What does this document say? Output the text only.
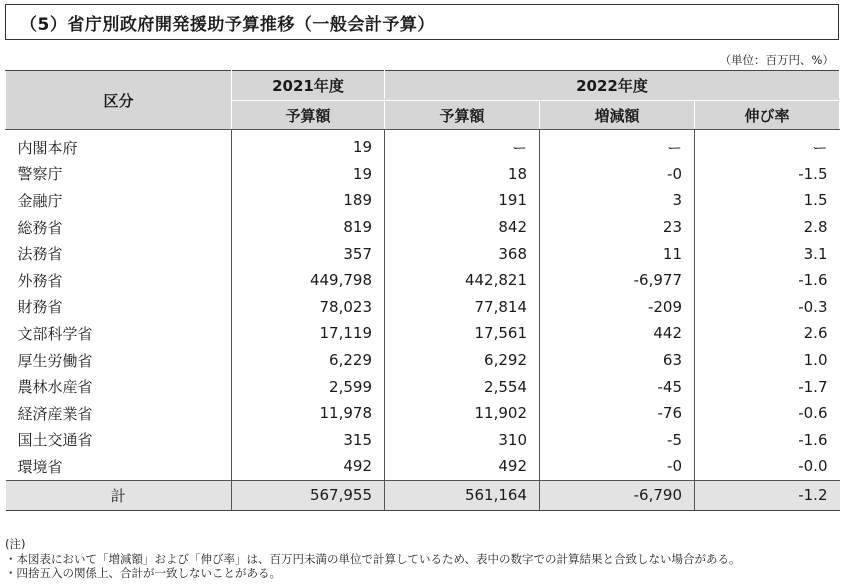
（5）省庁別政府開発援助予算推移（一般会計予算）
（単位：百万円、%）
区分	2021年度	2022年度		
	予算額	予算額	増減額	伸び率
内閣本府	19	ー	ー	ー
警察庁	19	18	-0	-1.5
金融庁	189	191	3	1.5
総務省	819	842	23	2.8
法務省	357	368	11	3.1
外務省	449,798	442,821	-6,977	-1.6
財務省	78,023	77,814	-209	-0.3
文部科学省	17,119	17,561	442	2.6
厚生労働省	6,229	6,292	63	1.0
農林水産省	2,599	2,554	-45	-1.7
経済産業省	11,978	11,902	-76	-0.6
国土交通省	315	310	-5	-1.6
環境省	492	492	-0	-0.0
計	567,955	561,164	-6,790	-1.2
(注)
・本図表において「増減額」および「伸び率」は、百万円未満の単位で計算しているため、表中の数字での計算結果と合致しない場合がある。
・四捨五入の関係上、合計が一致しないことがある。
